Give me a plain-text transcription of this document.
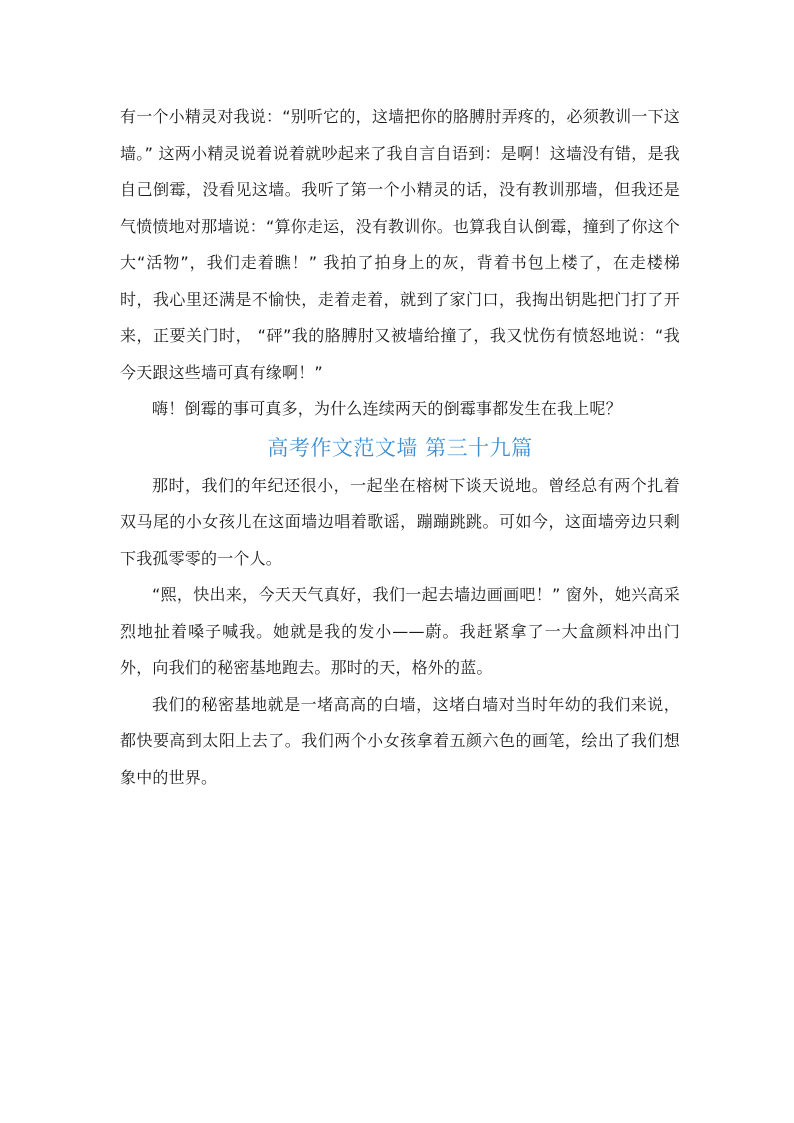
有一个小精灵对我说：“别听它的，这墙把你的胳膊肘弄疼的，必须教训一下这墙。” 这两小精灵说着说着就吵起来了我自言自语到：是啊！这墙没有错，是我自己倒霉，没看见这墙。我听了第一个小精灵的话，没有教训那墙，但我还是气愤愤地对那墙说：“算你走运，没有教训你。也算我自认倒霉，撞到了你这个大“活物”，我们走着瞧！” 我拍了拍身上的灰，背着书包上楼了，在走楼梯时，我心里还满是不愉快，走着走着，就到了家门口，我掏出钥匙把门打了开来，正要关门时， “砰”我的胳膊肘又被墙给撞了，我又忧伤有愤怒地说：“我今天跟这些墙可真有缘啊！”

嗨！倒霉的事可真多，为什么连续两天的倒霉事都发生在我上呢？

高考作文范文墙 第三十九篇

那时，我们的年纪还很小，一起坐在榕树下谈天说地。曾经总有两个扎着双马尾的小女孩儿在这面墙边唱着歌谣，蹦蹦跳跳。可如今，这面墙旁边只剩下我孤零零的一个人。

“熙，快出来，今天天气真好，我们一起去墙边画画吧！” 窗外，她兴高采烈地扯着嗓子喊我。她就是我的发小——蔚。我赶紧拿了一大盒颜料冲出门外，向我们的秘密基地跑去。那时的天，格外的蓝。

我们的秘密基地就是一堵高高的白墙，这堵白墙对当时年幼的我们来说，都快要高到太阳上去了。我们两个小女孩拿着五颜六色的画笔，绘出了我们想象中的世界。
